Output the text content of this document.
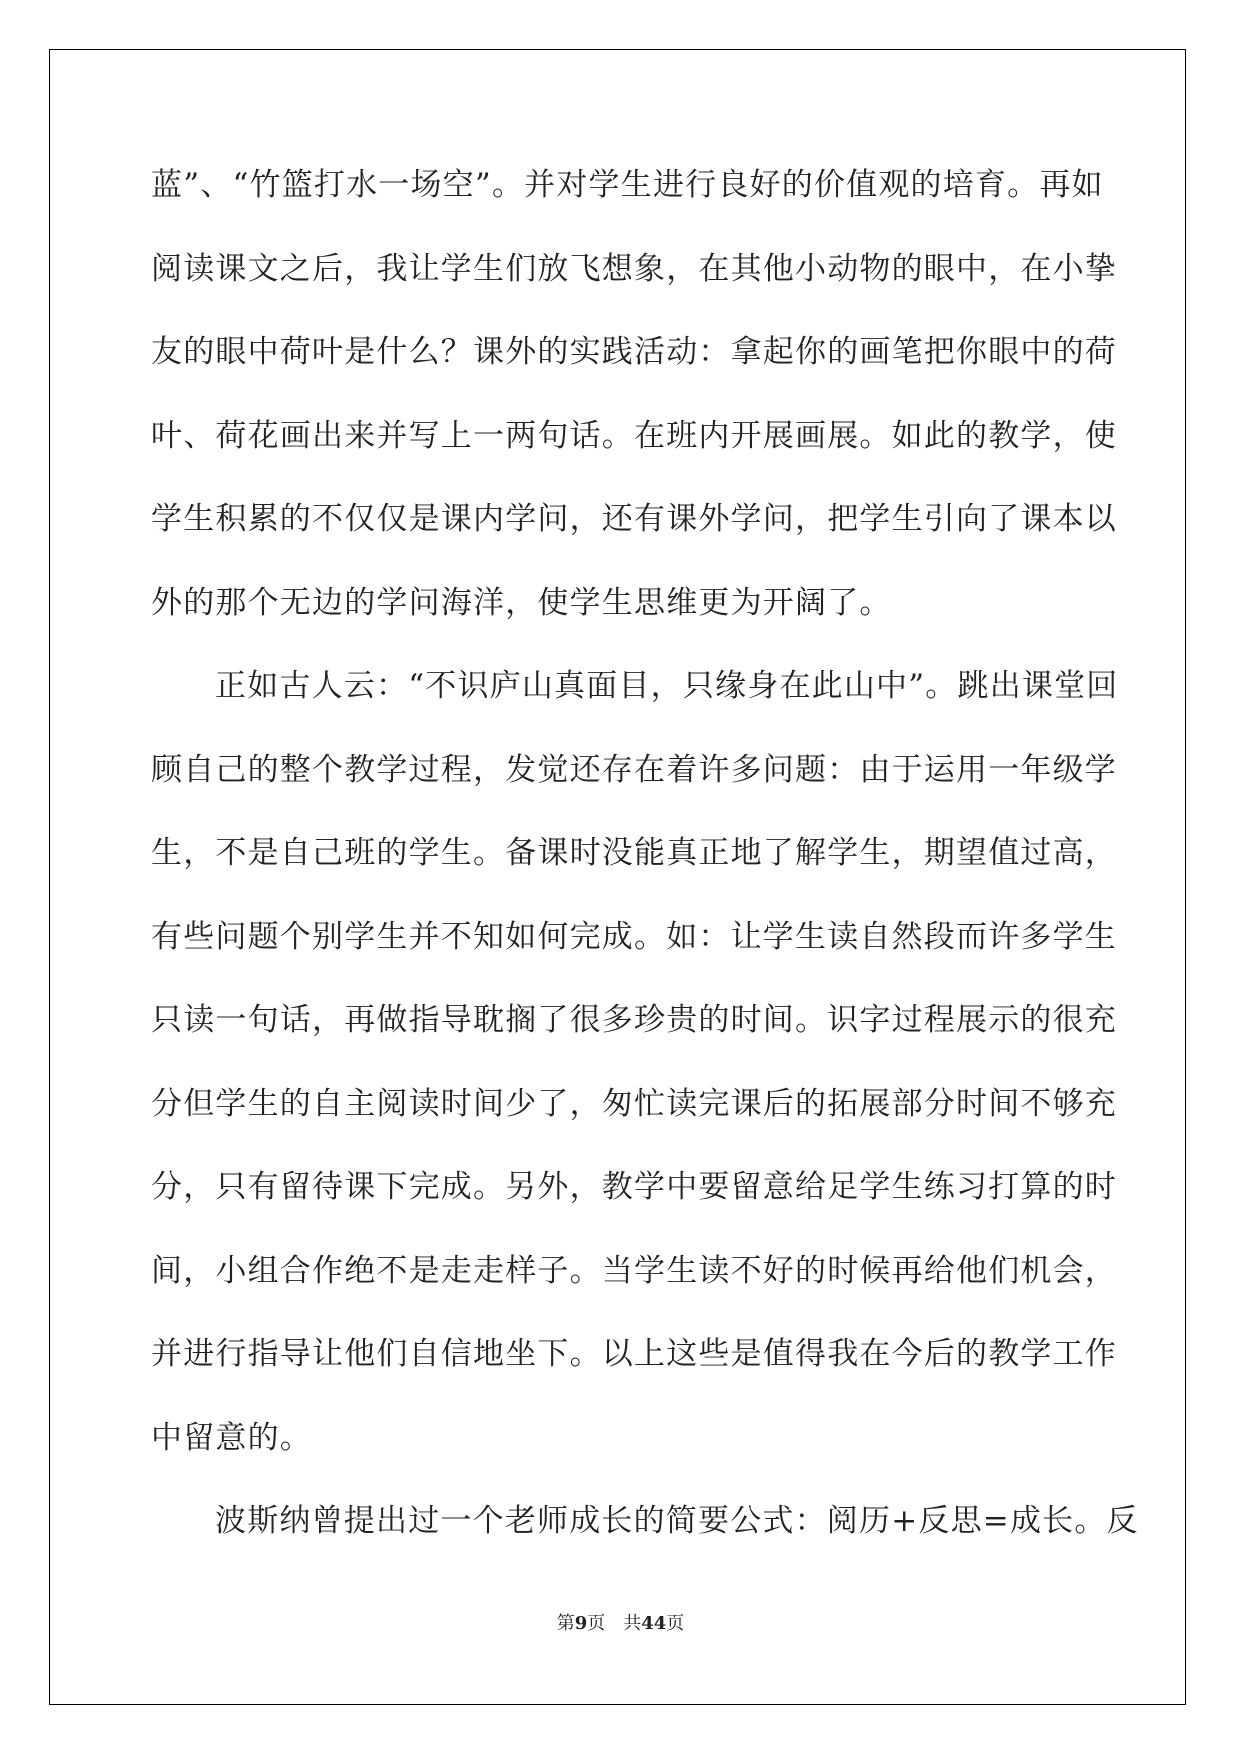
蓝”、“竹篮打水一场空”。并对学生进行良好的价值观的培育。再如
阅读课文之后，我让学生们放飞想象，在其他小动物的眼中，在小挚
友的眼中荷叶是什么？课外的实践活动：拿起你的画笔把你眼中的荷
叶、荷花画出来并写上一两句话。在班内开展画展。如此的教学，使
学生积累的不仅仅是课内学问，还有课外学问，把学生引向了课本以
外的那个无边的学问海洋，使学生思维更为开阔了。
正如古人云：“不识庐山真面目，只缘身在此山中”。跳出课堂回
顾自己的整个教学过程，发觉还存在着许多问题：由于运用一年级学
生，不是自己班的学生。备课时没能真正地了解学生，期望值过高，
有些问题个别学生并不知如何完成。如：让学生读自然段而许多学生
只读一句话，再做指导耽搁了很多珍贵的时间。识字过程展示的很充
分但学生的自主阅读时间少了，匆忙读完课后的拓展部分时间不够充
分，只有留待课下完成。另外，教学中要留意给足学生练习打算的时
间，小组合作绝不是走走样子。当学生读不好的时候再给他们机会，
并进行指导让他们自信地坐下。以上这些是值得我在今后的教学工作
中留意的。
波斯纳曾提出过一个老师成长的简要公式：阅历+反思=成长。反
第9页 共44页
